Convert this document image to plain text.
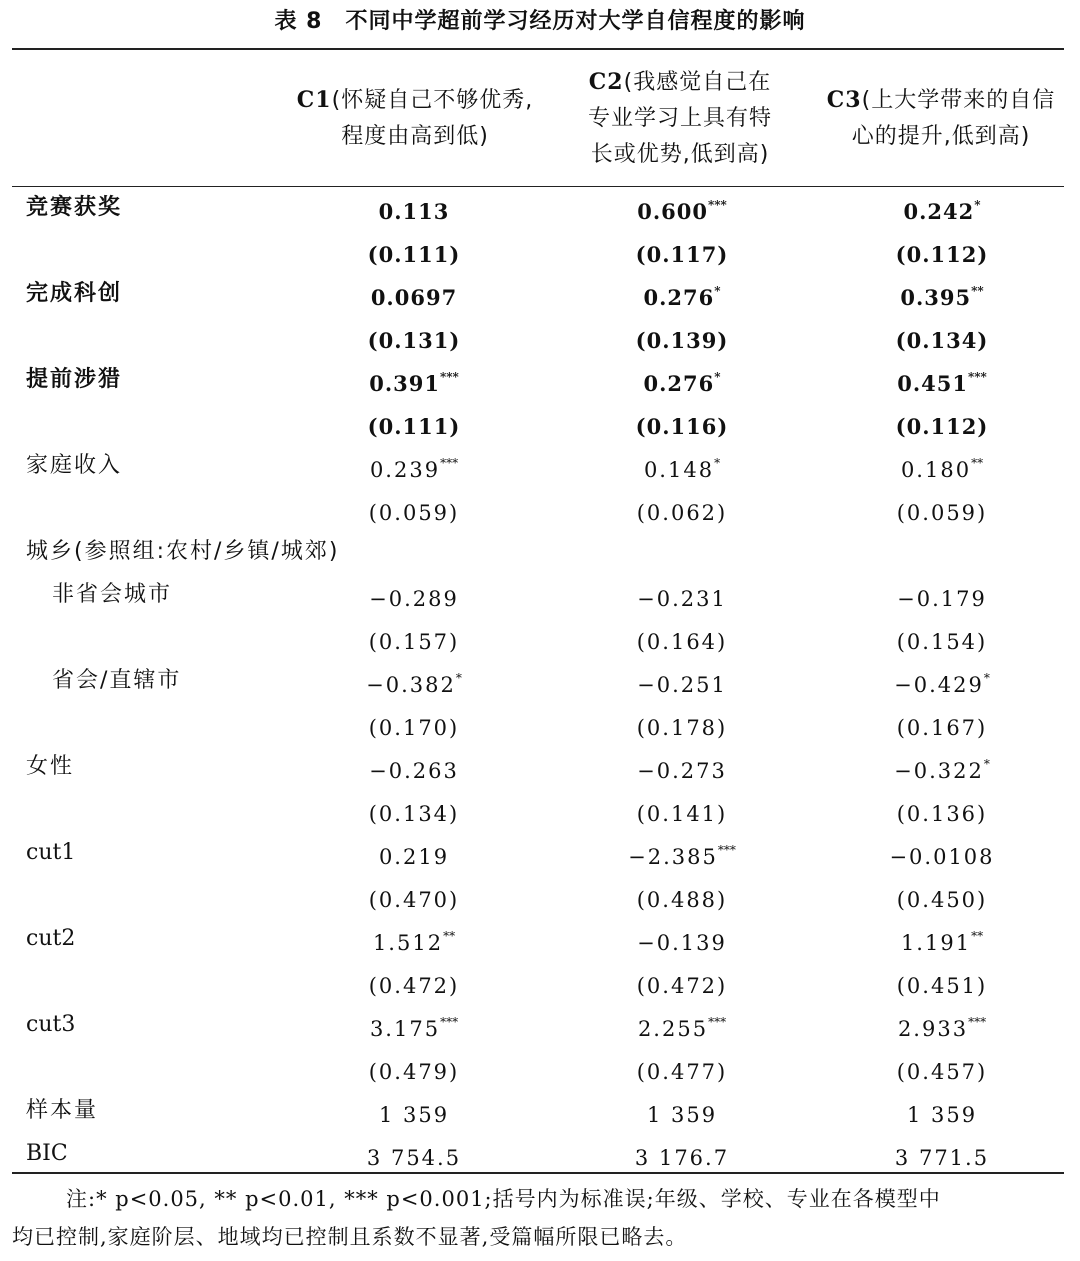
表 8　不同中学超前学习经历对大学自信程度的影响
C1(怀疑自己不够优秀,
程度由高到低)
C2(我感觉自己在
专业学习上具有特
长或优势,低到高)
C3(上大学带来的自信
心的提升,低到高)
竞赛获奖	0.113	0.600***	0.242*
(0.111)	(0.117)	(0.112)
完成科创	0.0697	0.276*	0.395**
(0.131)	(0.139)	(0.134)
提前涉猎	0.391***	0.276*	0.451***
(0.111)	(0.116)	(0.112)
家庭收入	0.239***	0.148*	0.180**
(0.059)	(0.062)	(0.059)
城乡(参照组:农村/乡镇/城郊)
非省会城市	−0.289	−0.231	−0.179
(0.157)	(0.164)	(0.154)
省会/直辖市	−0.382*	−0.251	−0.429*
(0.170)	(0.178)	(0.167)
女性	−0.263	−0.273	−0.322*
(0.134)	(0.141)	(0.136)
cut1	0.219	−2.385***	−0.0108
(0.470)	(0.488)	(0.450)
cut2	1.512**	−0.139	1.191**
(0.472)	(0.472)	(0.451)
cut3	3.175***	2.255***	2.933***
(0.479)	(0.477)	(0.457)
样本量	1 359	1 359	1 359
BIC	3 754.5	3 176.7	3 771.5
注:* p<0.05, ** p<0.01, *** p<0.001;括号内为标准误;年级、学校、专业在各模型中
均已控制,家庭阶层、地域均已控制且系数不显著,受篇幅所限已略去。
